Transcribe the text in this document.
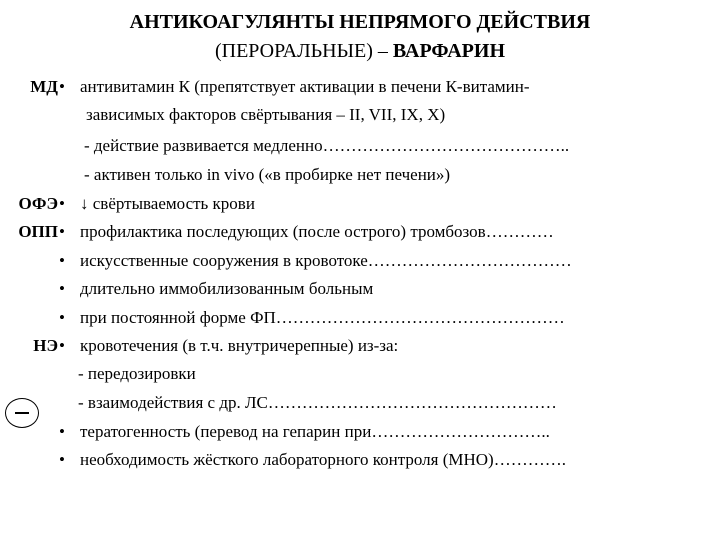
АНТИКОАГУЛЯНТЫ НЕПРЯМОГО ДЕЙСТВИЯ
(ПЕРОРАЛЬНЫЕ) – ВАРФАРИН
МД • антивитамин К (препятствует активации в печени К-витамин-
зависимых факторов свёртывания – II, VII, IX, X)
- действие развивается медленно……………………………………..
- активен только in vivo («в пробирке нет печени»)
ОФЭ • ↓ свёртываемость крови
ОПП • профилактика последующих (после острого) тромбозов…………
• искусственные сооружения в кровотоке………………………………
• длительно иммобилизованным больным
• при постоянной форме ФП……………………………………………
НЭ • кровотечения (в т.ч. внутричерепные) из-за:
- передозировки
- взаимодействия с др. ЛС……………………………………………
• тератогенность (перевод на гепарин при…………………………..
• необходимость жёсткого лабораторного контроля (МНО)………….
